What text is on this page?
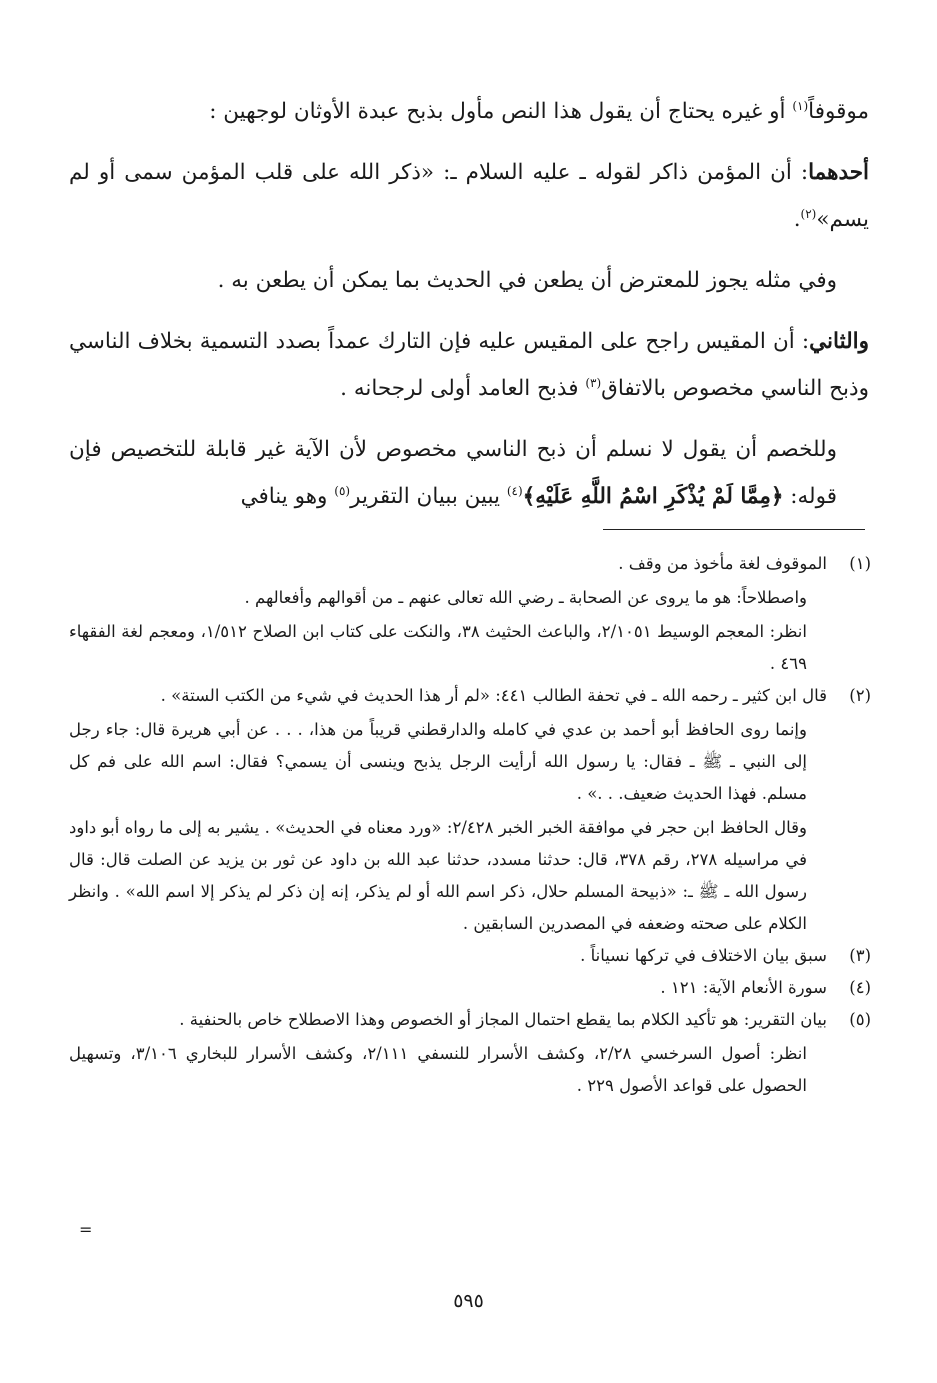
موقوفاً$^{(١)}$ أو غيره يحتاج أن يقول هذا النص مأول بذبح عبدة الأوثان لوجهين :

أحدهما: أن المؤمن ذاكر لقوله ـ عليه السلام ـ: «ذكر الله على قلب المؤمن سمى أو لم يسم»$^{(٢)}$.

وفي مثله يجوز للمعترض أن يطعن في الحديث بما يمكن أن يطعن به .

والثاني: أن المقيس راجح على المقيس عليه فإن التارك عمداً بصدد التسمية بخلاف الناسي وذبح الناسي مخصوص بالاتفاق$^{(٣)}$ فذبح العامد أولى لرجحانه .

وللخصم أن يقول لا نسلم أن ذبح الناسي مخصوص لأن الآية غير قابلة للتخصيص فإن قوله: ﴿مِمَّا لَمْ يُذْكَرِ اسْمُ اللَّهِ عَلَيْهِ﴾$^{(٤)}$ يبين ببيان التقرير$^{(٥)}$ وهو ينافي

(١)

الموقوف لغة مأخوذ من وقف .

واصطلاحاً: هو ما يروى عن الصحابة ـ رضي الله تعالى عنهم ـ من أقوالهم وأفعالهم .

انظر: المعجم الوسيط ٢/١٠٥١، والباعث الحثيث ٣٨، والنكت على كتاب ابن الصلاح ١/٥١٢، ومعجم لغة الفقهاء ٤٦٩ .

(٢)

قال ابن كثير ـ رحمه الله ـ في تحفة الطالب ٤٤١: «لم أر هذا الحديث في شيء من الكتب الستة» .

وإنما روى الحافظ أبو أحمد بن عدي في كامله والدارقطني قريباً من هذا، . . . عن أبي هريرة قال: جاء رجل إلى النبي ـ ﷺ ـ فقال: يا رسول الله أرأيت الرجل يذبح وينسى أن يسمي؟ فقال: اسم الله على فم كل مسلم. فهذا الحديث ضعيف. . .» .

وقال الحافظ ابن حجر في موافقة الخبر الخبر ٢/٤٢٨: «ورد معناه في الحديث» . يشير به إلى ما رواه أبو داود في مراسيله ٢٧٨، رقم ٣٧٨، قال: حدثنا مسدد، حدثنا عبد الله بن داود عن ثور بن يزيد عن الصلت قال: قال رسول الله ـ ﷺ ـ: «ذبيحة المسلم حلال، ذكر اسم الله أو لم يذكر، إنه إن ذكر لم يذكر إلا اسم الله» . وانظر الكلام على صحته وضعفه في المصدرين السابقين .

(٣)

سبق بيان الاختلاف في تركها نسياناً .

(٤)

سورة الأنعام الآية: ١٢١ .

(٥)

بيان التقرير: هو تأكيد الكلام بما يقطع احتمال المجاز أو الخصوص وهذا الاصطلاح خاص بالحنفية .

انظر: أصول السرخسي ٢/٢٨، وكشف الأسرار للنسفي ٢/١١١، وكشف الأسرار للبخاري ٣/١٠٦، وتسهيل الحصول على قواعد الأصول ٢٢٩ .

=
٥٩٥
